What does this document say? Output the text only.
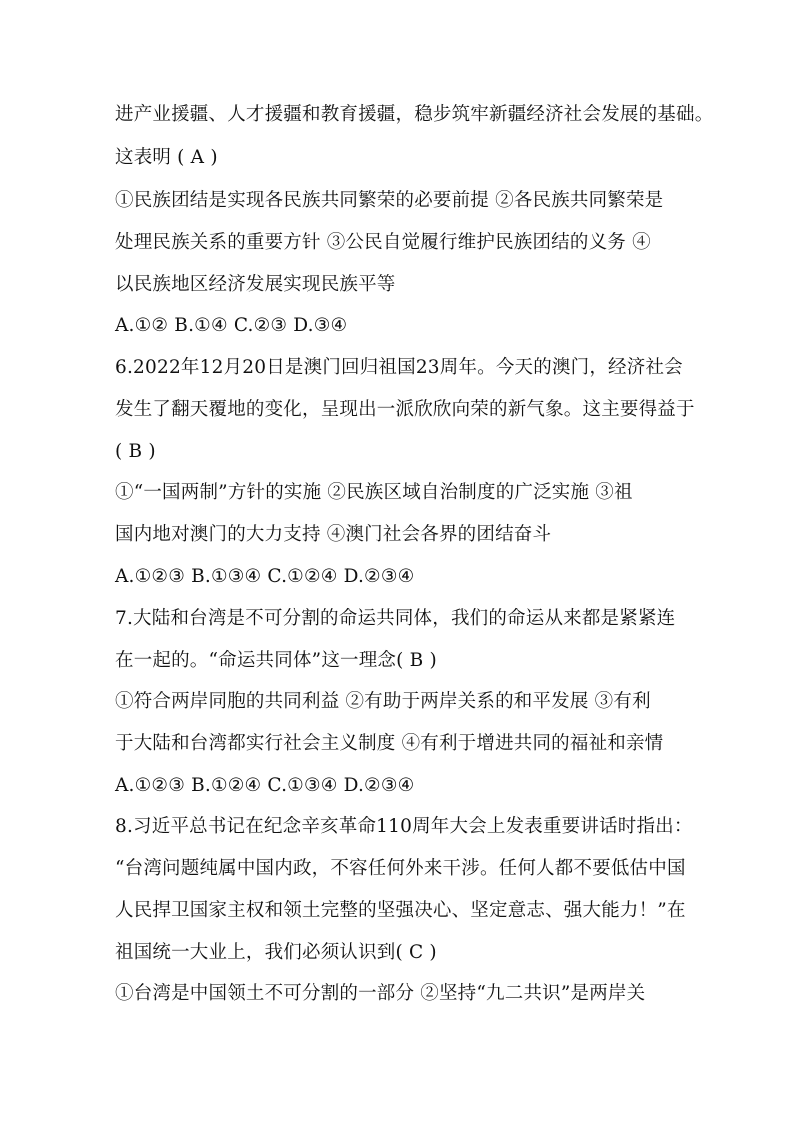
进产业援疆、人才援疆和教育援疆，稳步筑牢新疆经济社会发展的基础。
这表明 ( A )
①民族团结是实现各民族共同繁荣的必要前提 ②各民族共同繁荣是
处理民族关系的重要方针 ③公民自觉履行维护民族团结的义务 ④
以民族地区经济发展实现民族平等
A.①② B.①④ C.②③ D.③④
6.2022年12月20日是澳门回归祖国23周年。今天的澳门，经济社会
发生了翻天覆地的变化，呈现出一派欣欣向荣的新气象。这主要得益于
( B )
①“一国两制”方针的实施 ②民族区域自治制度的广泛实施 ③祖
国内地对澳门的大力支持 ④澳门社会各界的团结奋斗
A.①②③ B.①③④ C.①②④ D.②③④
7.大陆和台湾是不可分割的命运共同体，我们的命运从来都是紧紧连
在一起的。“命运共同体”这一理念( B )
①符合两岸同胞的共同利益 ②有助于两岸关系的和平发展 ③有利
于大陆和台湾都实行社会主义制度 ④有利于增进共同的福祉和亲情
A.①②③ B.①②④ C.①③④ D.②③④
8.习近平总书记在纪念辛亥革命110周年大会上发表重要讲话时指出：
“台湾问题纯属中国内政，不容任何外来干涉。任何人都不要低估中国
人民捍卫国家主权和领土完整的坚强决心、坚定意志、强大能力！”在
祖国统一大业上，我们必须认识到( C )
①台湾是中国领土不可分割的一部分 ②坚持“九二共识”是两岸关
